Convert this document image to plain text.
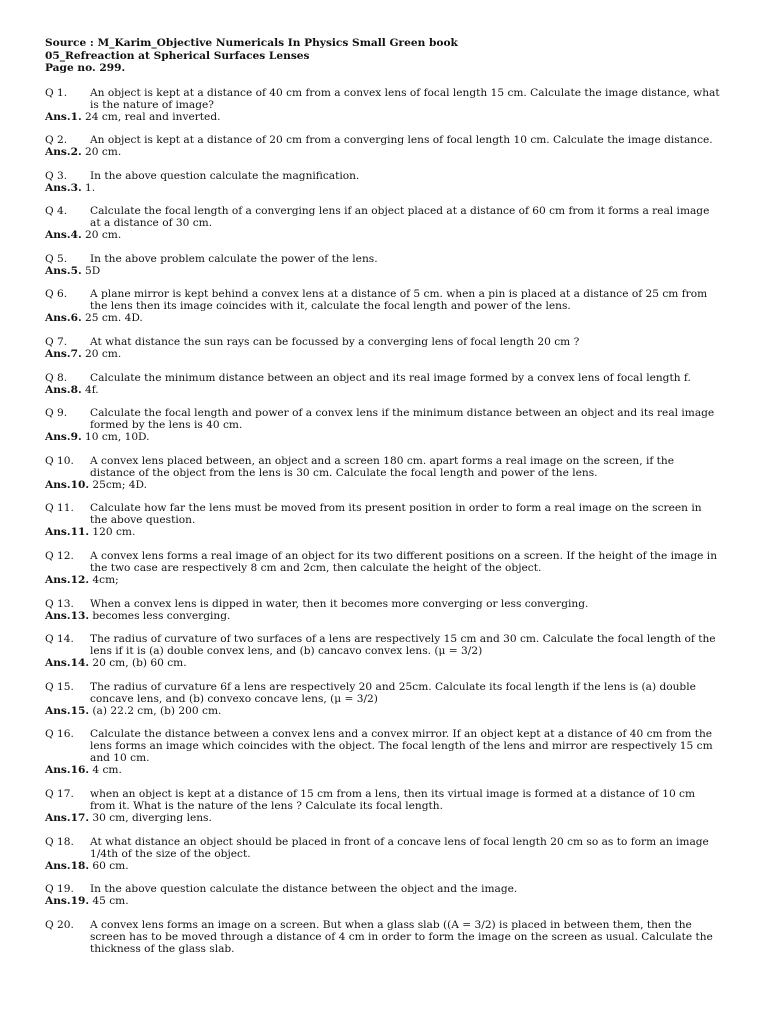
Source : M_Karim_Objective Numericals In Physics Small Green book
05_Refreaction at Spherical Surfaces Lenses
Page no. 299.
Q 1.	An object is kept at a distance of 40 cm from a convex lens of focal length 15 cm. Calculate the image distance, what is the nature of image?
Ans.1. 24 cm, real and inverted.
Q 2.	An object is kept at a distance of 20 cm from a converging lens of focal length 10 cm. Calculate the image distance.
Ans.2. 20 cm.
Q 3.	In the above question calculate the magnification.
Ans.3. 1.
Q 4.	Calculate the focal length of a converging lens if an object placed at a distance of 60 cm from it forms a real image at a distance of 30 cm.
Ans.4. 20 cm.
Q 5.	In the above problem calculate the power of the lens.
Ans.5. 5D
Q 6.	A plane mirror is kept behind a convex lens at a distance of 5 cm. when a pin is placed at a distance of 25 cm from the lens then its image coincides with it, calculate the focal length and power of the lens.
Ans.6. 25 cm. 4D.
Q 7.	At what distance the sun rays can be focussed by a converging lens of focal length 20 cm ?
Ans.7. 20 cm.
Q 8.	Calculate the minimum distance between an object and its real image formed by a convex lens of focal length f.
Ans.8. 4f.
Q 9.	Calculate the focal length and power of a convex lens if the minimum distance between an object and its real image formed by the lens is 40 cm.
Ans.9. 10 cm, 10D.
Q 10.	A convex lens placed between, an object and a screen 180 cm. apart forms a real image on the screen, if the distance of the object from the lens is 30 cm. Calculate the focal length and power of the lens.
Ans.10. 25cm; 4D.
Q 11.	Calculate how far the lens must be moved from its present position in order to form a real image on the screen in the above question.
Ans.11. 120 cm.
Q 12.	A convex lens forms a real image of an object for its two different positions on a screen. If the height of the image in the two case are respectively 8 cm and 2cm, then calculate the height of the object.
Ans.12. 4cm;
Q 13.	When a convex lens is dipped in water, then it becomes more converging or less converging.
Ans.13. becomes less converging.
Q 14.	The radius of curvature of two surfaces of a lens are respectively 15 cm and 30 cm. Calculate the focal length of the lens if it is (a) double convex lens, and (b) cancavo convex lens. (μ = 3/2)
Ans.14. 20 cm, (b) 60 cm.
Q 15.	The radius of curvature 6f a lens are respectively 20 and 25cm. Calculate its focal length if the lens is (a) double concave lens, and (b) convexo concave lens, (μ = 3/2)
Ans.15. (a) 22.2 cm, (b) 200 cm.
Q 16.	Calculate the distance between a convex lens and a convex mirror. If an object kept at a distance of 40 cm from the lens forms an image which coincides with the object. The focal length of the lens and mirror are respectively 15 cm and 10 cm.
Ans.16. 4 cm.
Q 17.	when an object is kept at a distance of 15 cm from a lens, then its virtual image is formed at a distance of 10 cm from it. What is the nature of the lens ? Calculate its focal length.
Ans.17. 30 cm, diverging lens.
Q 18.	At what distance an object should be placed in front of a concave lens of focal length 20 cm so as to form an image 1/4th of the size of the object.
Ans.18. 60 cm.
Q 19.	In the above question calculate the distance between the object and the image.
Ans.19. 45 cm.
Q 20.	A convex lens forms an image on a screen. But when a glass slab ((A = 3/2) is placed in between them, then the screen has to be moved through a distance of 4 cm in order to form the image on the screen as usual. Calculate the thickness of the glass slab.
